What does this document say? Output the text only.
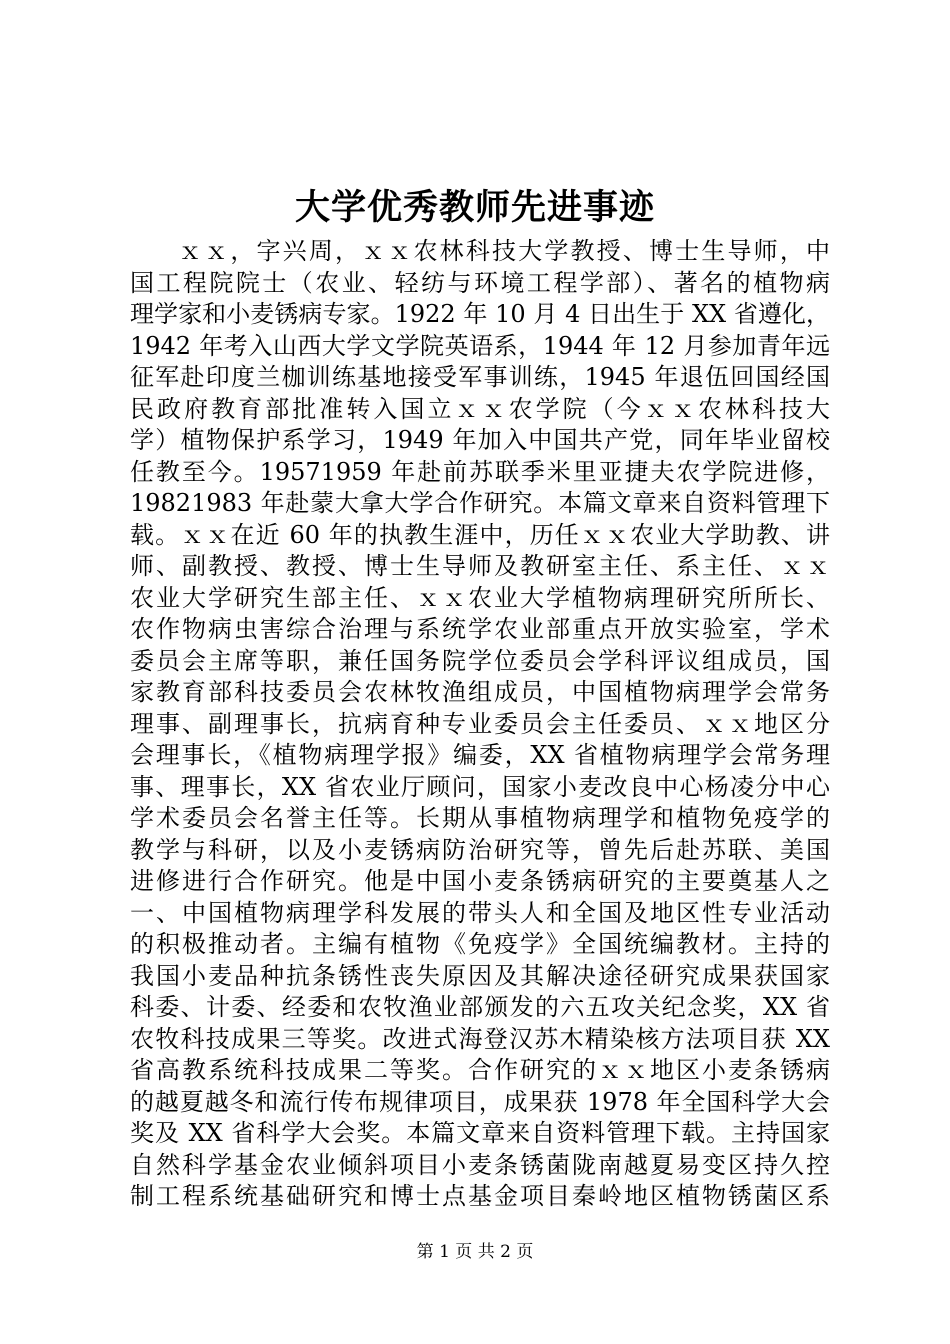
大学优秀教师先进事迹
ｘｘ，字兴周，ｘｘ农林科技大学教授、博士生导师，中
国工程院院士（农业、轻纺与环境工程学部）、著名的植物病
理学家和小麦锈病专家。1922 年 10 月 4 日出生于 XX 省遵化，
1942 年考入山西大学文学院英语系，1944 年 12 月参加青年远
征军赴印度兰枷训练基地接受军事训练，1945 年退伍回国经国
民政府教育部批准转入国立ｘｘ农学院（今ｘｘ农林科技大
学）植物保护系学习，1949 年加入中国共产党，同年毕业留校
任教至今。19571959 年赴前苏联季米里亚捷夫农学院进修，
19821983 年赴蒙大拿大学合作研究。本篇文章来自资料管理下
载。ｘｘ在近 60 年的执教生涯中，历任ｘｘ农业大学助教、讲
师、副教授、教授、博士生导师及教研室主任、系主任、ｘｘ
农业大学研究生部主任、ｘｘ农业大学植物病理研究所所长、
农作物病虫害综合治理与系统学农业部重点开放实验室，学术
委员会主席等职，兼任国务院学位委员会学科评议组成员，国
家教育部科技委员会农林牧渔组成员，中国植物病理学会常务
理事、副理事长，抗病育种专业委员会主任委员、ｘｘ地区分
会理事长，《植物病理学报》编委，XX 省植物病理学会常务理
事、理事长，XX 省农业厅顾问，国家小麦改良中心杨凌分中心
学术委员会名誉主任等。长期从事植物病理学和植物免疫学的
教学与科研，以及小麦锈病防治研究等，曾先后赴苏联、美国
进修进行合作研究。他是中国小麦条锈病研究的主要奠基人之
一、中国植物病理学科发展的带头人和全国及地区性专业活动
的积极推动者。主编有植物《免疫学》全国统编教材。主持的
我国小麦品种抗条锈性丧失原因及其解决途径研究成果获国家
科委、计委、经委和农牧渔业部颁发的六五攻关纪念奖，XX 省
农牧科技成果三等奖。改进式海登汉苏木精染核方法项目获 XX
省高教系统科技成果二等奖。合作研究的ｘｘ地区小麦条锈病
的越夏越冬和流行传布规律项目，成果获 1978 年全国科学大会
奖及 XX 省科学大会奖。本篇文章来自资料管理下载。主持国家
自然科学基金农业倾斜项目小麦条锈菌陇南越夏易变区持久控
制工程系统基础研究和博士点基金项目秦岭地区植物锈菌区系
第 1 页 共 2 页
